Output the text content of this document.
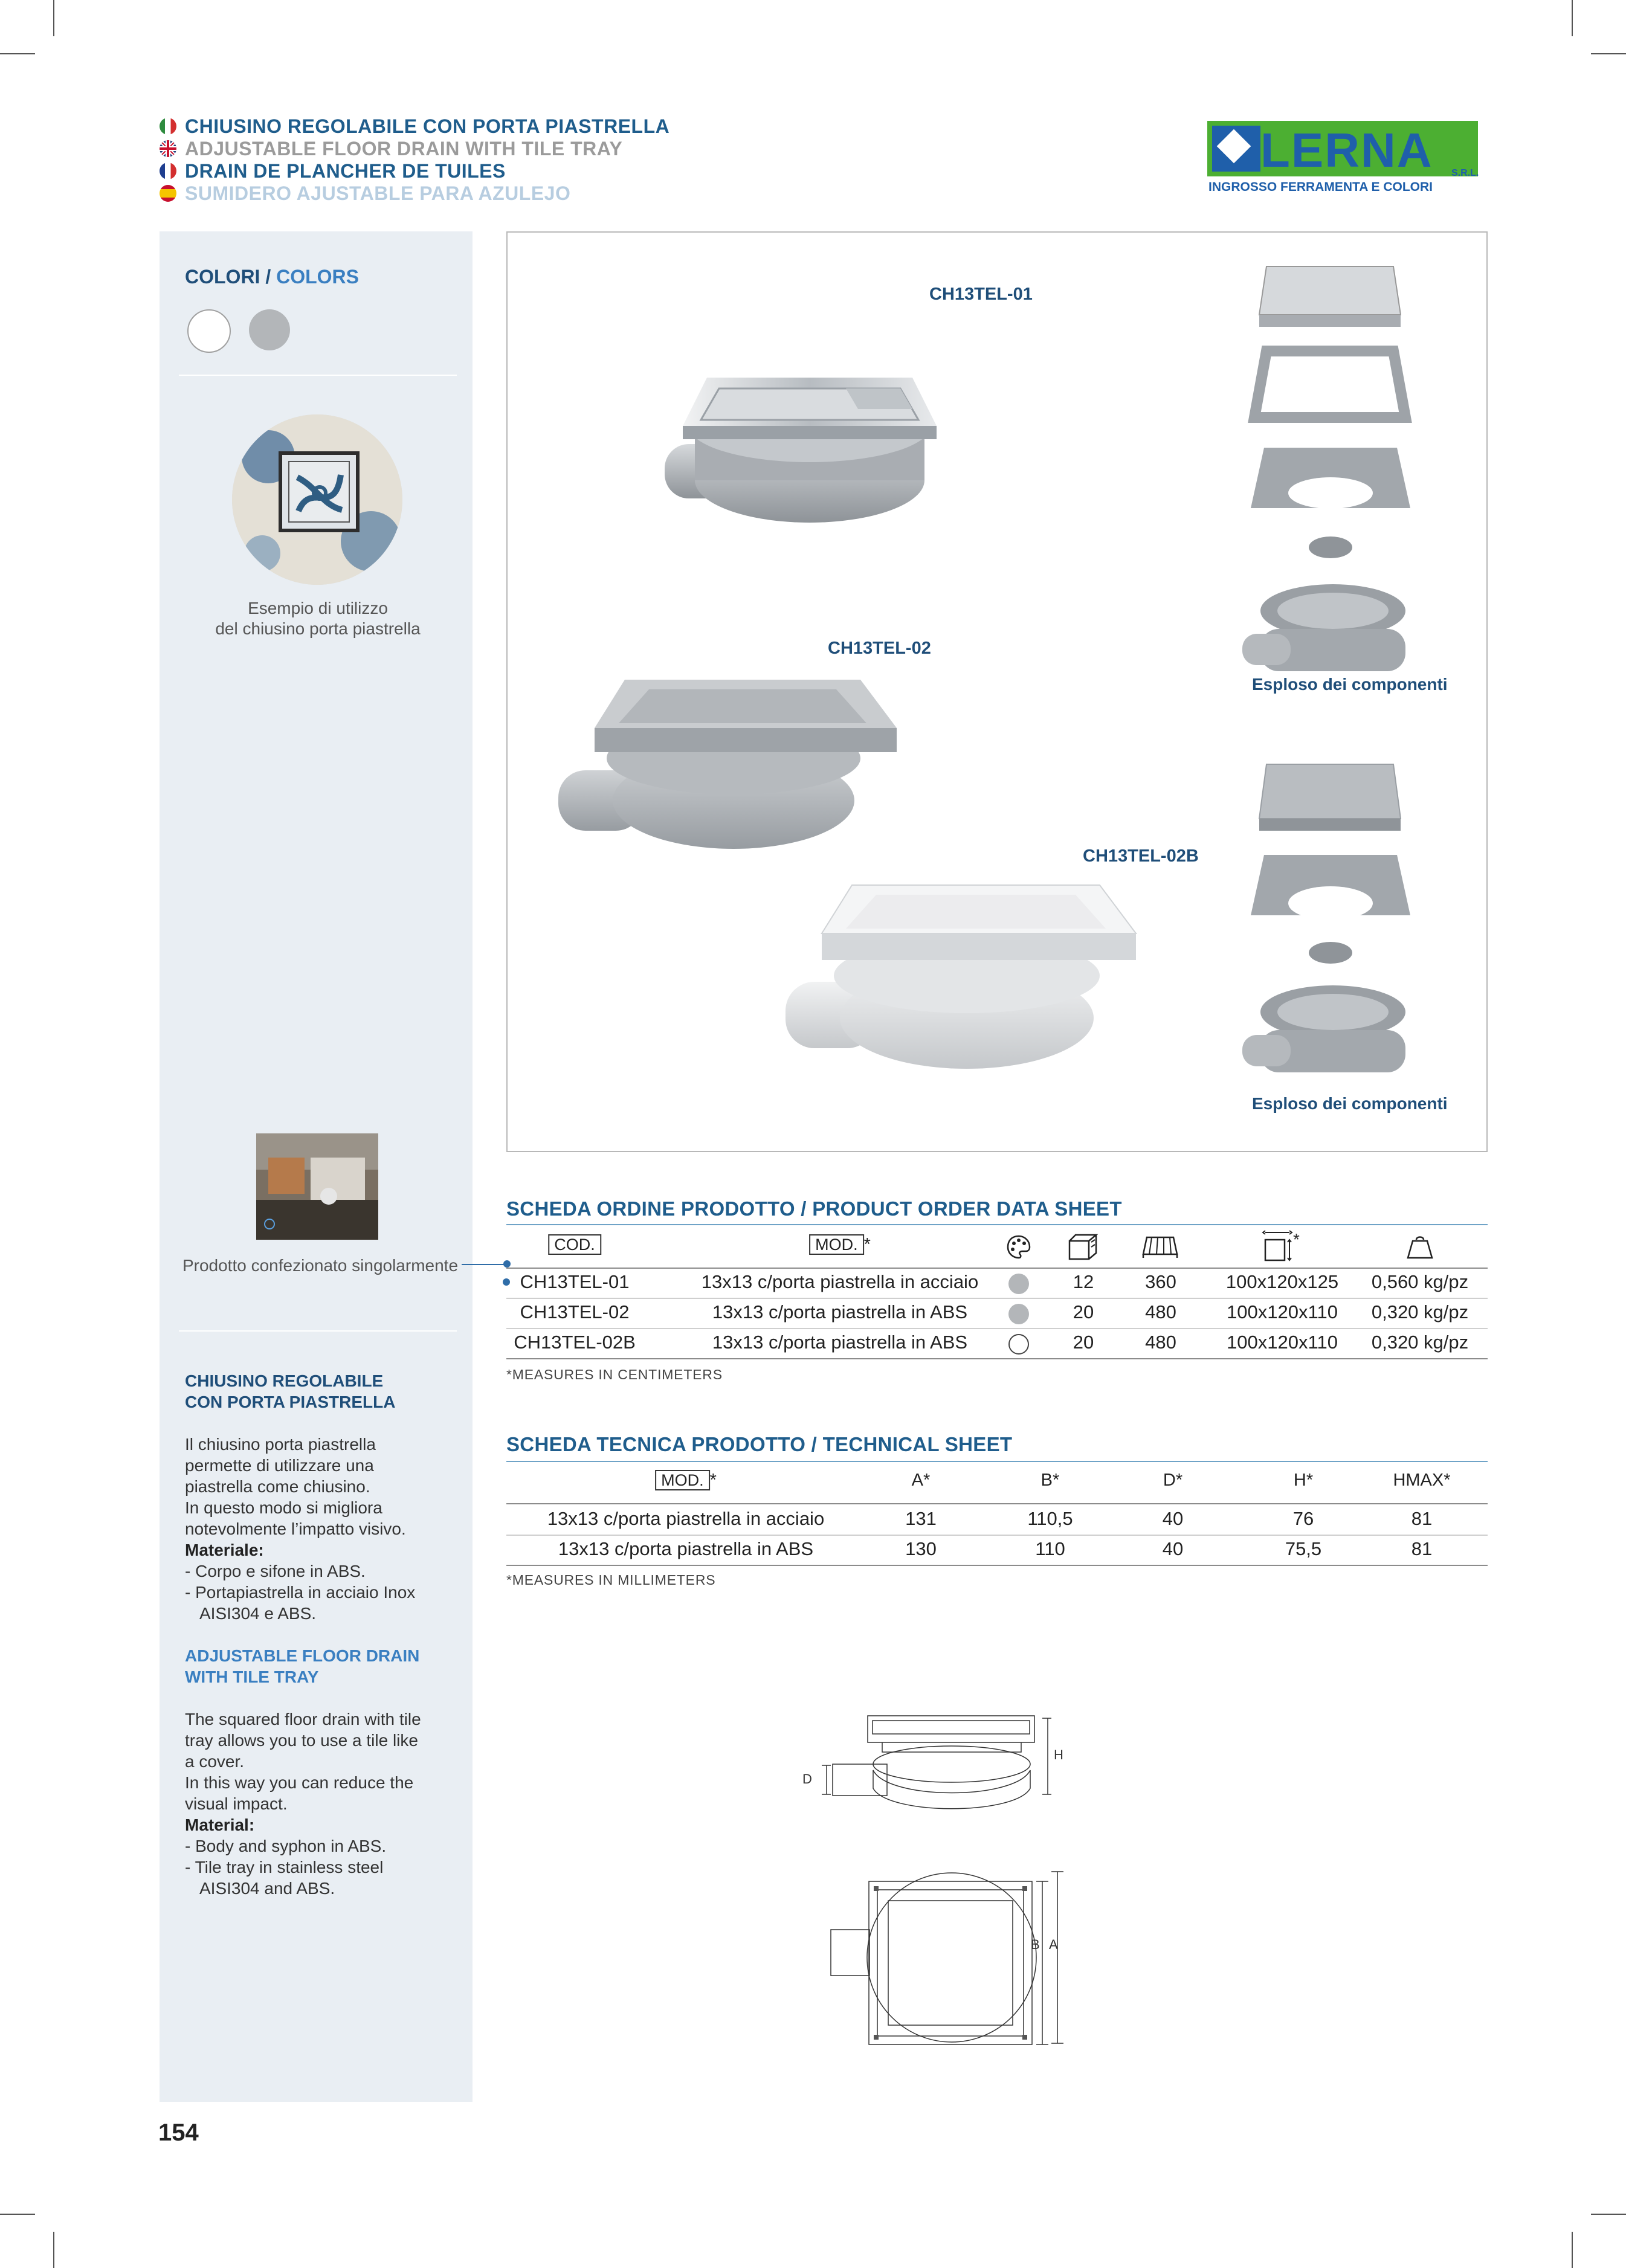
CHIUSINO REGOLABILE CON PORTA PIASTRELLA
ADJUSTABLE FLOOR DRAIN WITH TILE TRAY
DRAIN DE PLANCHER DE TUILES
SUMIDERO AJUSTABLE PARA AZULEJO
LERNA S.R.L.
INGROSSO FERRAMENTA E COLORI
COLORI / COLORS
Esempio di utilizzo
del chiusino porta piastrella
Prodotto confezionato singolarmente
CHIUSINO REGOLABILE
CON PORTA PIASTRELLA
Il chiusino porta piastrella
permette di utilizzare una
piastrella come chiusino.
In questo modo si migliora
notevolmente l’impatto visivo.
Materiale:
- Corpo e sifone in ABS.
- Portapiastrella in acciaio Inox
AISI304 e ABS.
ADJUSTABLE FLOOR DRAIN
WITH TILE TRAY
The squared floor drain with tile
tray allows you to use a tile like
a cover.
In this way you can reduce the
visual impact.
Material:
- Body and syphon in ABS.
- Tile tray in stainless steel
AISI304 and ABS.
CH13TEL-01
CH13TEL-02
CH13TEL-02B
Esploso dei componenti
Esploso dei componenti
SCHEDA ORDINE PRODOTTO / PRODUCT ORDER DATA SHEET
COD.	MOD. *	*
CH13TEL-01	13x13 c/porta piastrella in acciaio	12	360	100x120x125 0,560 kg/pz
CH13TEL-02	13x13 c/porta piastrella in ABS	20	480	100x120x110 0,320 kg/pz
CH13TEL-02B	13x13 c/porta piastrella in ABS	20	480	100x120x110 0,320 kg/pz
*MEASURES IN CENTIMETERS
SCHEDA TECNICA PRODOTTO / TECHNICAL SHEET
MOD. *	A*	B*	D*	H*	HMAX*
13x13 c/porta piastrella in acciaio	131	110,5	40	76	81
13x13 c/porta piastrella in ABS	130	110	40	75,5	81
*MEASURES IN MILLIMETERS
H
D
B A
154
